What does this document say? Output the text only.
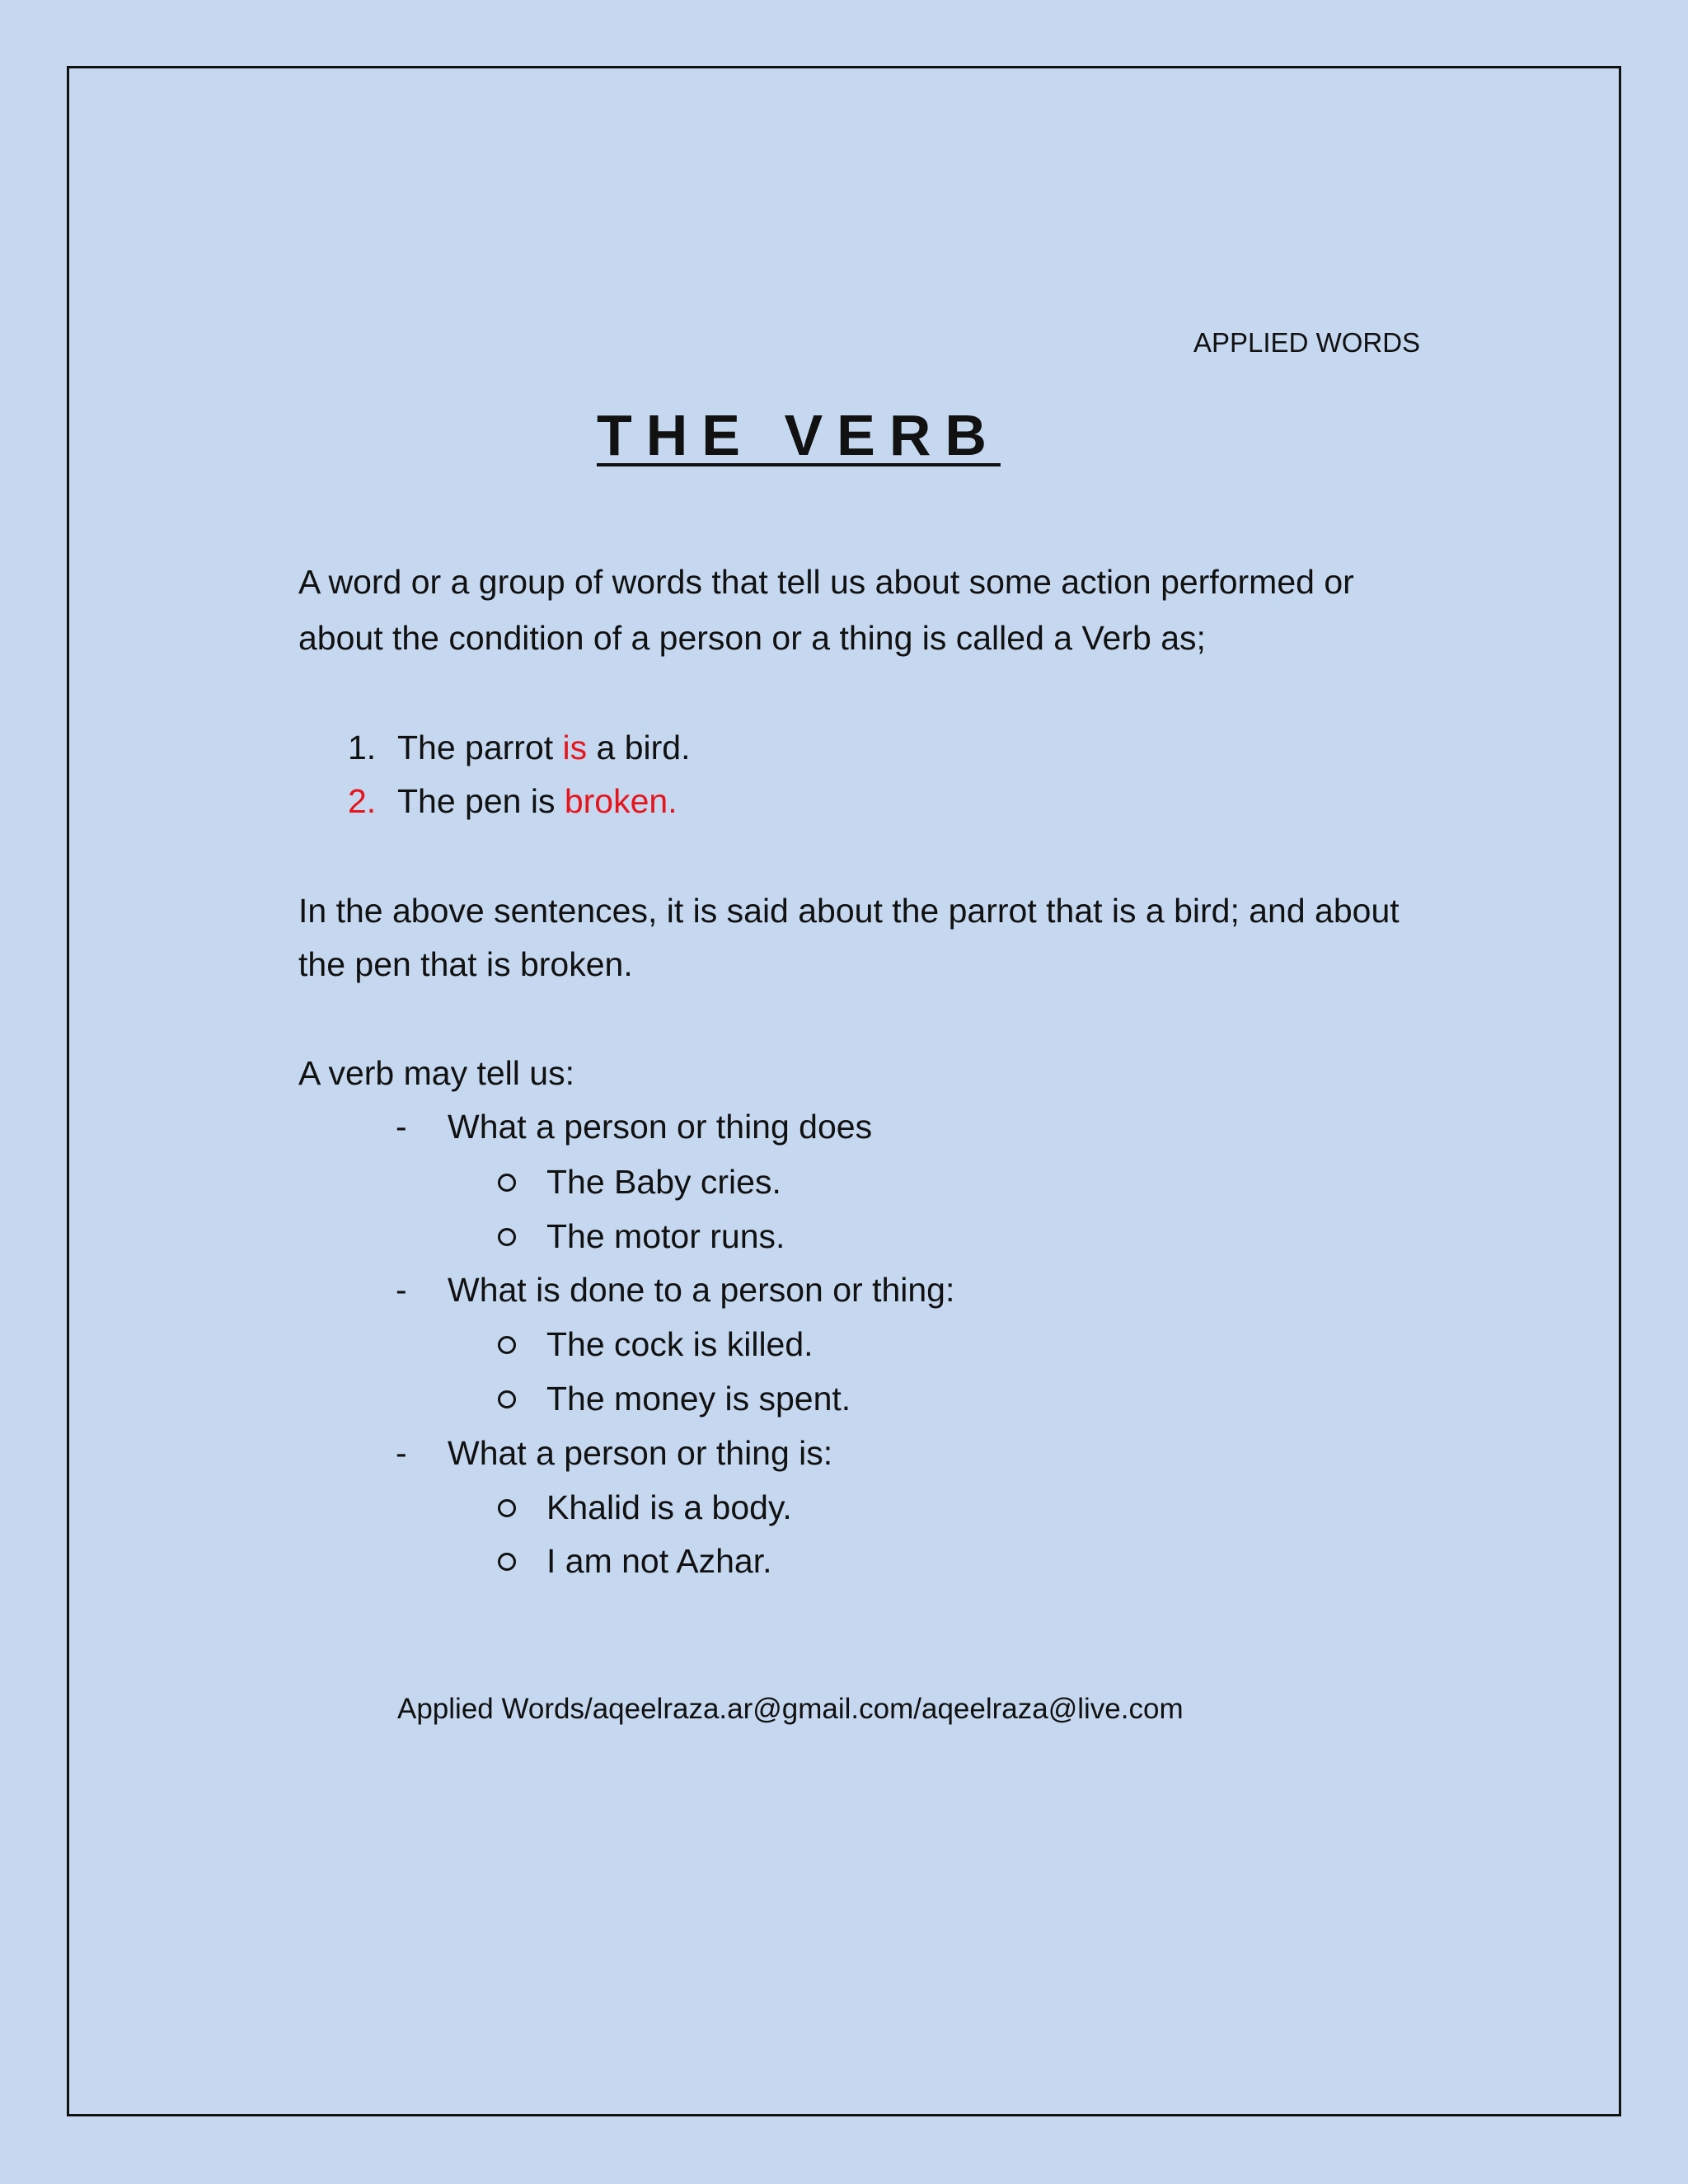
APPLIED WORDS
THE VERB
A word or a group of words that tell us about some action performed or
about the condition of a person or a thing is called a Verb as;
1. The parrot is a bird.
2. The pen is broken.
In the above sentences, it is said about the parrot that is a bird; and about
the pen that is broken.
A verb may tell us:
- What a person or thing does
The Baby cries.
The motor runs.
- What is done to a person or thing:
The cock is killed.
The money is spent.
- What a person or thing is:
Khalid is a body.
I am not Azhar.
Applied Words/aqeelraza.ar@gmail.com/aqeelraza@live.com
